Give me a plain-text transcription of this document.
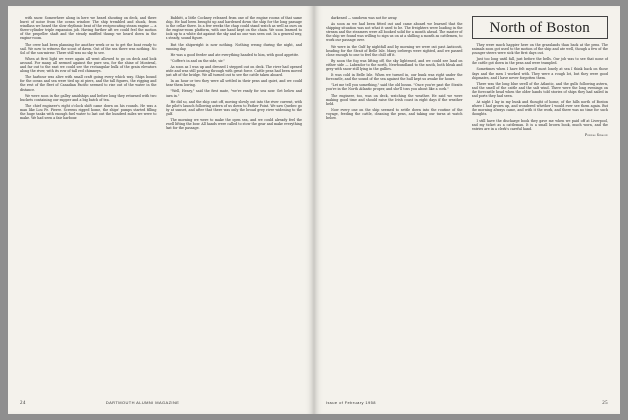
with snow. Somewhere along in here we heard shouting on deck, and there burst of noise from the ocean window. The ship trembled and shook, from windlass we heard the slow rhythmic beat of the reciprocating steam engine — a three-cylinder triple expansion job. Having further aft we could feel the motion of the propeller shaft and the steady muffled thump we heard down in the engine-room.

The crew had been planning for another week or so to get the boat ready to sail. We now to witness the scout of dawn. Out of the sea there was nothing. No Sol of the son-mirror. There still was no sky to see.

When at first light we were again all went allowed to go on deck and look around. For many, all seemed against the pure sea, for the shine of Montreal, and far out to the east we could see the rectangular bulk of the grain elevators along the river, with its row of tall red chimneys.

The harbour was alive with small craft going every which way. Ships bound for the ocean and sea were tied up at piers, and the tall figures, the rigging and the rest of the fleet of Canadian Pacific seemed to rise out of the water in the distance.

We were soon in the galley amidships and before long they returned with two buckets containing our supper and a big batch of tea.

The chief engineer's eight o'clock shift came down on his rounds. He was a man like Lou Fe. Pierre. Screens rigged home, the ships' pumps started filling the huge tanks with enough fuel water to last out the hundred miles we were to make. We had seen a fair harbour.

Babbitt, a little Cockney released from one of the engine rooms of that same ship. He had been brought up and hardened down the ship for the long passage to the cellar there. In a few weeks the chap could stand watch as well as ours on the engine-room platform, with one hand kept on the chain. We soon learned to look up to a white dot against the sky and no one was seen out. In a general way, a steady, sound figure.

But the shipwright is now nothing. Nothing wrong during the night, and running day.

He was a good feeder and ate everything handed to him, with good appetite.

"Coffee's in and on the side, sir."

As soon as I was up and dressed I stepped out on deck. The river had opened wide and was still pouring through with great force. Cattle pens had been moved just aft of the bridge. We all turned out to see the cattle taken aboard.

In an hour or two they were all settled in their pens and quiet, and we could hear them lowing.

"Well, Henry," said the first mate, "we're ready for sea now. Get below and turn in."

He did so, and the ship cast off, moving slowly out into the river current, with the pilot's launch following astern of us down to Father Point. We saw Quebec go by at sunset, and after that there was only the broad grey river widening to the gulf.

The morning we were to make the open sea, and we could already feel the swell lifting the bow. All hands were called to stow the gear and make everything fast for the passage.

24	DARTMOUTH ALUMNI MAGAZINE

darkened — sundown was not for away.

As soon as we had been fitted out and came aboard we learned that the shipping situation was not what it used to be. The freighters were loading in the stream and the steamers were all booked solid for a month ahead. The master of the ship we found was willing to sign us on at a shilling a month as cattlemen, to work our passage over.

We were in the Gulf by nightfall and by morning we were out past Anticosti, heading for the Strait of Belle Isle. Many icebergs were sighted, and we passed close enough to one to feel the chill off it.

By noon the fog was lifting off, the sky lightened, and we could see land on either side — Labrador to the north, Newfoundland to the south, both bleak and grey with snow still lying in the gullies.

It was cold in Belle Isle. When we turned in, our bunk was right under the forecastle, and the sound of the sea against the hull kept us awake for hours.

"Let me tell you something," said the old bosun. "Once you're past the Straits you're in the North Atlantic proper, and she'll toss you about like a cork."

The engineer, too, was on deck, watching the weather. He said we were making good time and should raise the Irish coast in eight days if the weather held.

Now every one on the ship seemed to settle down into the routine of the voyage, feeding the cattle, cleaning the pens, and taking our turns at watch below.

North of Boston

They were much happier here on the grasslands than back at the pens. The animals soon got used to the motion of the ship and ate well, though a few of the younger steers were sick the first days out.

Just too long until fall, just before the bells. Our job was to see that none of the cattle got down in the pens and were trampled.

Sometimes when I have felt myself most lonely at sea I think back on those days and the men I worked with. They were a rough lot, but they were good shipmates, and I have never forgotten them.

There was the long blue swell of the Atlantic, and the gulls following astern, and the smell of the cattle and the salt wind. There were the long evenings on the forecastle head when the older hands told stories of ships they had sailed in and ports they had seen.

At night I lay in my bunk and thought of home, of the hills north of Boston where I had grown up, and wondered whether I would ever see them again. But the morning always came, and with it the work, and there was no time for such thoughts.

I still have the discharge book they gave me when we paid off at Liverpool, and my ticket as a cattleman. It is a small brown book, much worn, and the entries are in a clerk's careful hand.

Phineas Sprague
Issue of February 1958	25
